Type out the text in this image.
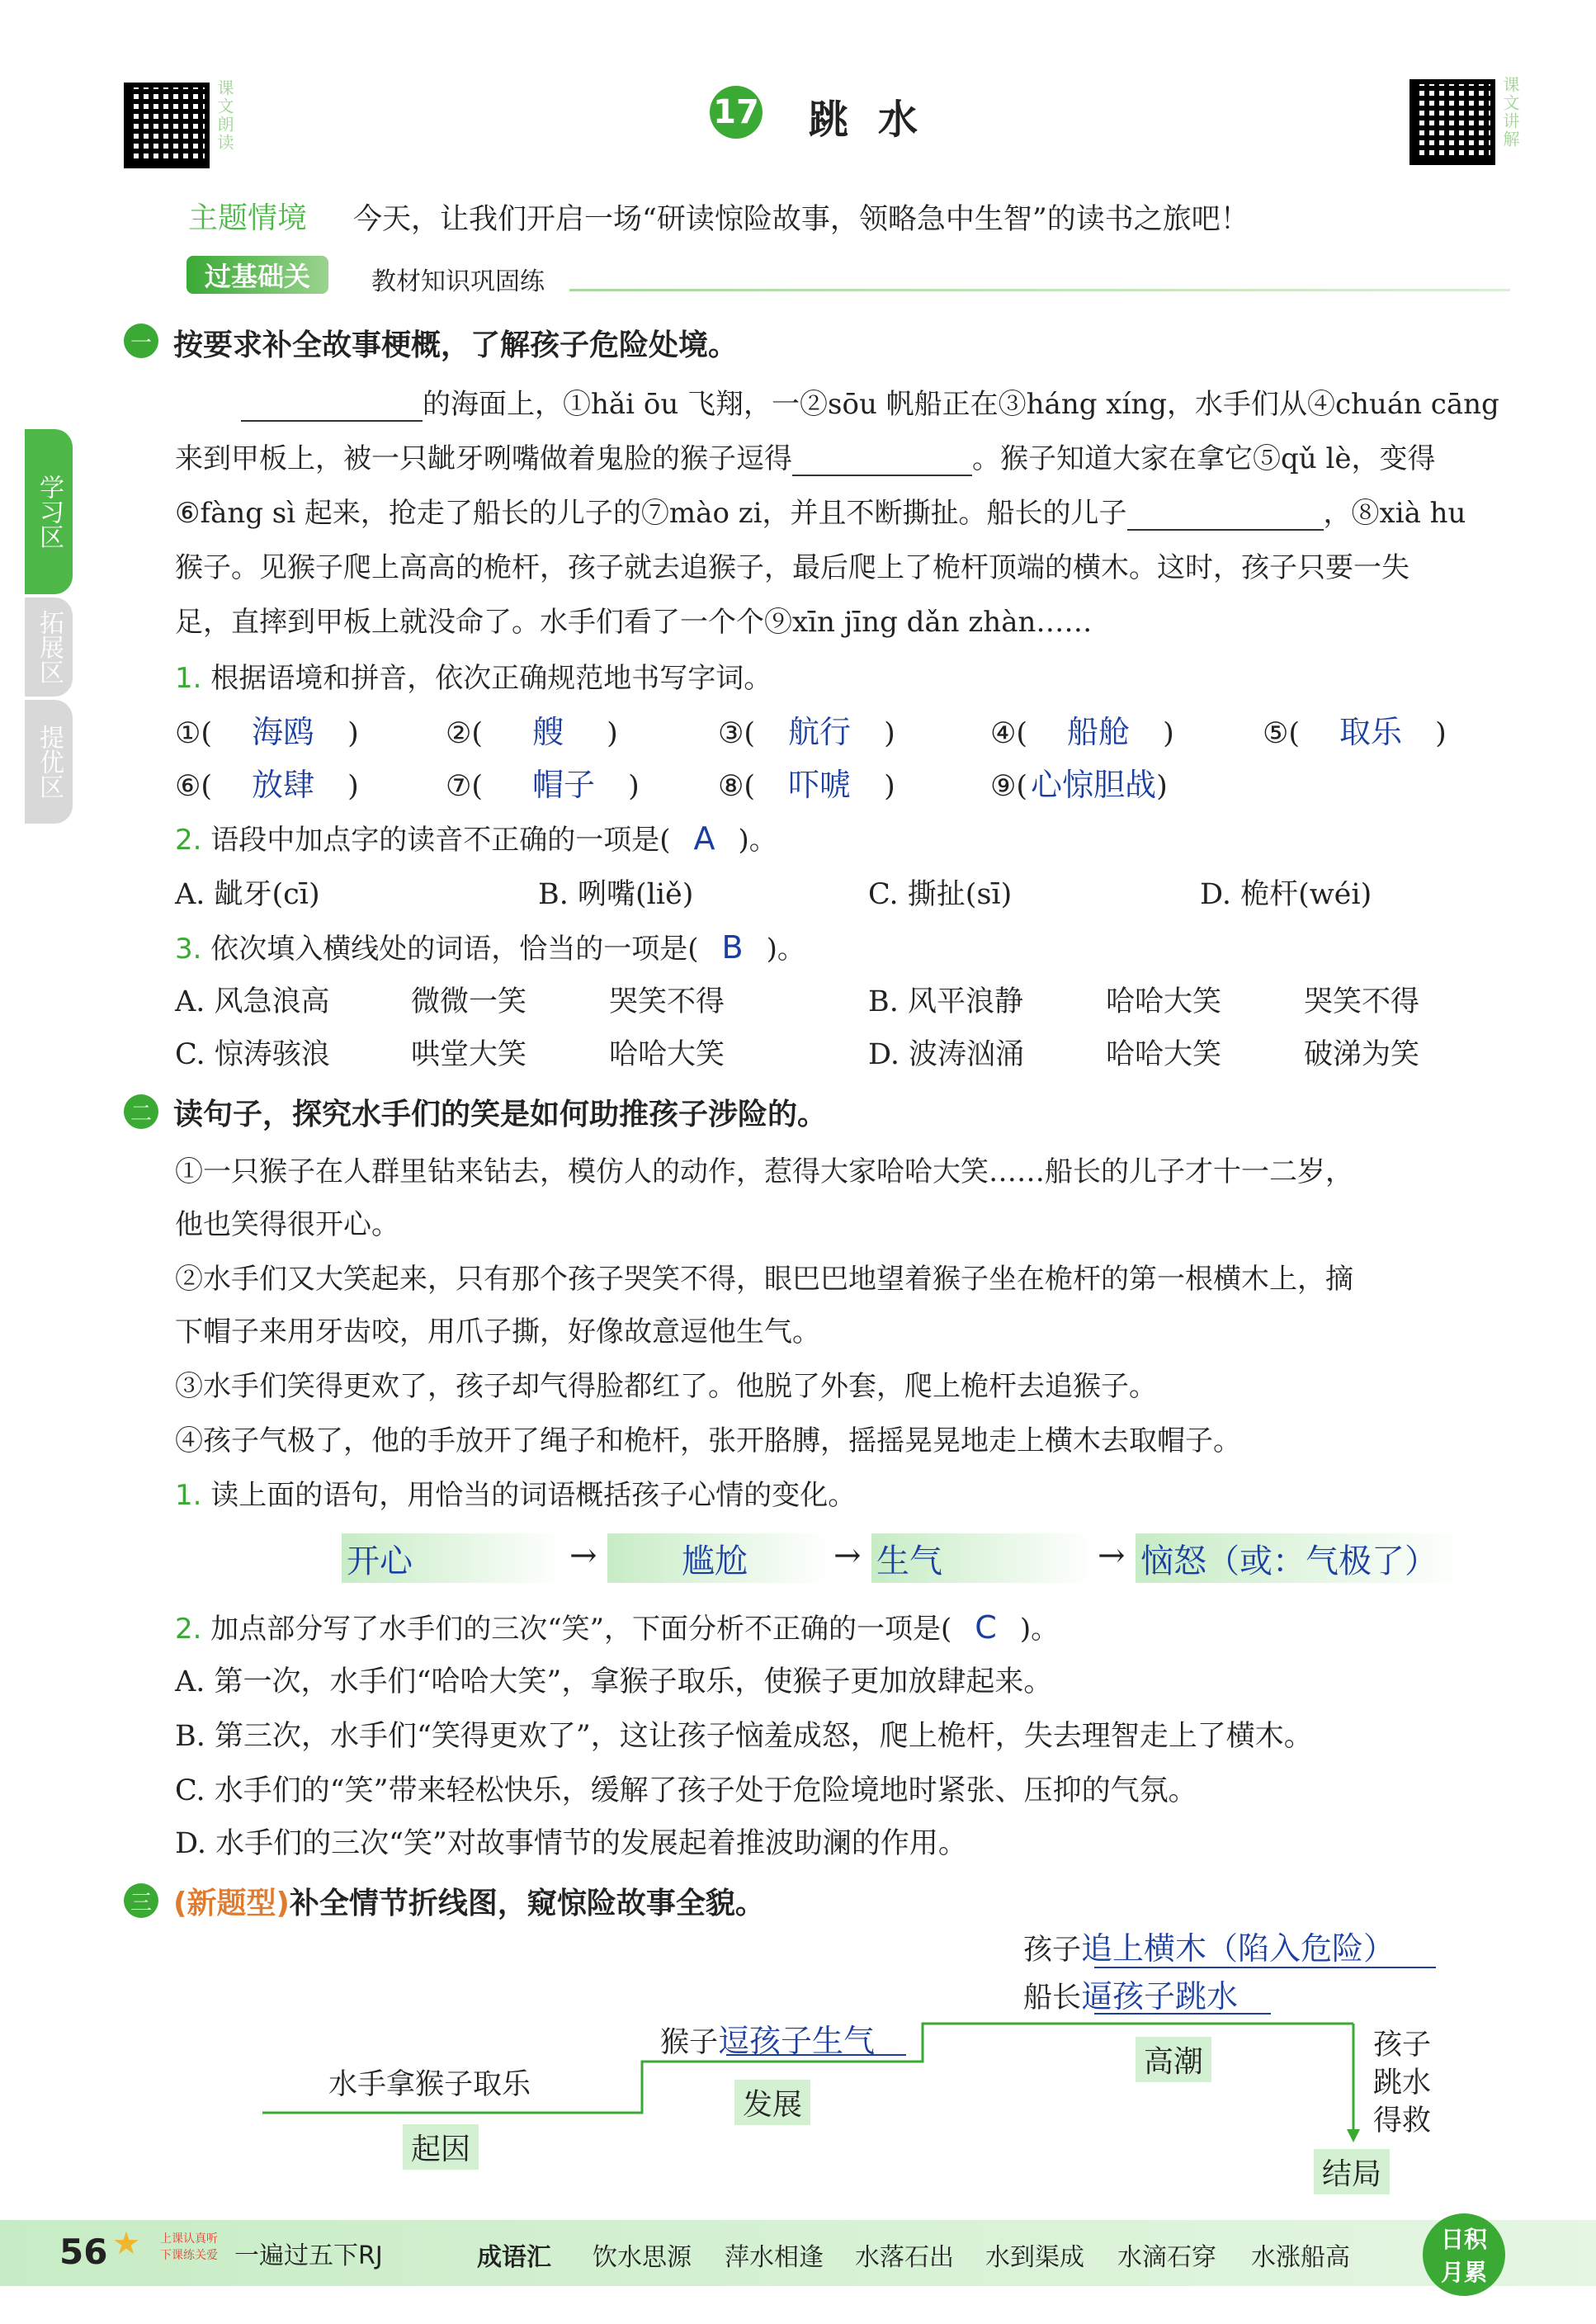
课文朗读	17 跳水	课文讲解
主题情境 今天，让我们开启一场“研读惊险故事，领略急中生智”的读书之旅吧！
过基础关	教材知识巩固练
学习区
拓展区
提优区
一 按要求补全故事梗概，了解孩子危险处境。
的海面上，①hǎi ōu 飞翔，一②sōu 帆船正在③háng xíng，水手们从④chuán cāng
来到甲板上，被一只龇牙咧嘴做着鬼脸的猴子逗得	。猴子知道大家在拿它⑤qǔ lè，变得
⑥fàng sì 起来，抢走了船长的儿子的⑦mào zi，并且不断撕扯。船长的儿子	，⑧xià hu
猴子。见猴子爬上高高的桅杆，孩子就去追猴子，最后爬上了桅杆顶端的横木。这时，孩子只要一失
足，直摔到甲板上就没命了。水手们看了一个个⑨xīn jīng dǎn zhàn……
1. 根据语境和拼音，依次正确规范地书写字词。
①( 海鸥 )	②( 艘 )	③( 航行 )	④( 船舱 )	⑤( 取乐 )
⑥( 放肆 )	⑦( 帽子 )	⑧( 吓唬 )	⑨( 心惊胆战)
2. 语段中加点字的读音不正确的一项是( A )。
A. 龇牙(cī)	B. 咧嘴(liě)	C. 撕扯(sī)	D. 桅杆(wéi)
3. 依次填入横线处的词语，恰当的一项是( B )。
A. 风急浪高	微微一笑	哭笑不得	B. 风平浪静	哈哈大笑	哭笑不得
C. 惊涛骇浪	哄堂大笑	哈哈大笑	D. 波涛汹涌	哈哈大笑	破涕为笑
二 读句子，探究水手们的笑是如何助推孩子涉险的。
①一只猴子在人群里钻来钻去，模仿人的动作，惹得大家哈哈大笑……船长的儿子才十一二岁，
他也笑得很开心。
②水手们又大笑起来，只有那个孩子哭笑不得，眼巴巴地望着猴子坐在桅杆的第一根横木上，摘
下帽子来用牙齿咬，用爪子撕，好像故意逗他生气。
③水手们笑得更欢了，孩子却气得脸都红了。他脱了外套，爬上桅杆去追猴子。
④孩子气极了，他的手放开了绳子和桅杆，张开胳膊，摇摇晃晃地走上横木去取帽子。
1. 读上面的语句，用恰当的词语概括孩子心情的变化。
开心	→	尴尬	→ 生气	→ 恼怒（或：气极了）
2. 加点部分写了水手们的三次“笑”，下面分析不正确的一项是( C )。
A. 第一次，水手们“哈哈大笑”，拿猴子取乐，使猴子更加放肆起来。
B. 第三次，水手们“笑得更欢了”，这让孩子恼羞成怒，爬上桅杆，失去理智走上了横木。
C. 水手们的“笑”带来轻松快乐，缓解了孩子处于危险境地时紧张、压抑的气氛。
D. 水手们的三次“笑”对故事情节的发展起着推波助澜的作用。
三 (新题型)补全情节折线图，窥惊险故事全貌。
水手拿猴子取乐
起因
猴子逗孩子生气
发展
孩子追上横木（陷入危险）
船长逼孩子跳水
高潮	孩子
跳水
得救
结局
56 ★ 上课认真听
下课练关爱 一遍过五下RJ	成语汇 饮水思源 萍水相逢 水落石出 水到渠成 水滴石穿 水涨船高
日积
月累
